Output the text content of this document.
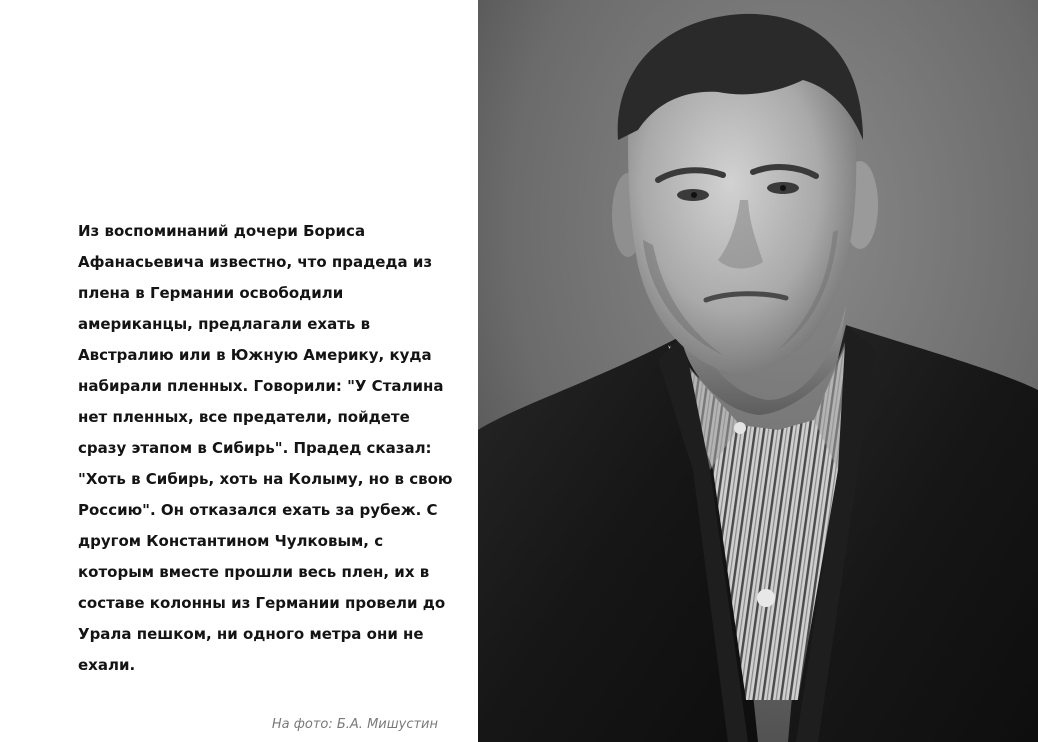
Из воспоминаний дочери Бориса
Афанасьевича известно, что прадеда из
плена в Германии освободили
американцы, предлагали ехать в
Австралию или в Южную Америку, куда
набирали пленных. Говорили: "У Сталина
нет пленных, все предатели, пойдете
сразу этапом в Сибирь". Прадед сказал:
"Хоть в Сибирь, хоть на Колыму, но в свою
Россию". Он отказался ехать за рубеж. С
другом Константином Чулковым, с
которым вместе прошли весь плен, их в
составе колонны из Германии провели до
Урала пешком, ни одного метра они не
ехали.
На фото: Б.А. Мишустин
